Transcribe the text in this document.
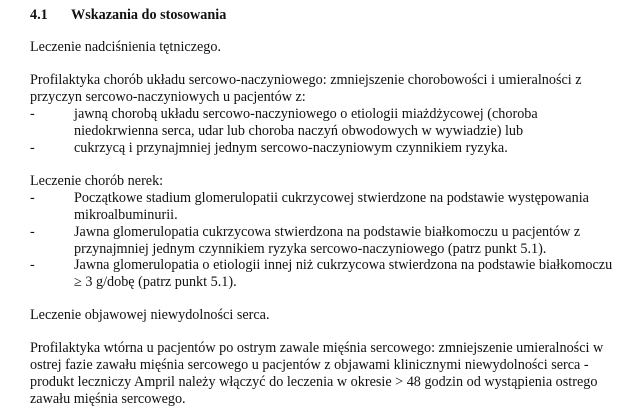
4.1 Wskazania do stosowania
Leczenie nadciśnienia tętniczego.
Profilaktyka chorób układu sercowo-naczyniowego: zmniejszenie chorobowości i umieralności z
przyczyn sercowo-naczyniowych u pacjentów z:
-	jawną chorobą układu sercowo-naczyniowego o etiologii miażdżycowej (choroba
niedokrwienna serca, udar lub choroba naczyń obwodowych w wywiadzie) lub
-	cukrzycą i przynajmniej jednym sercowo-naczyniowym czynnikiem ryzyka.
Leczenie chorób nerek:
-	Początkowe stadium glomerulopatii cukrzycowej stwierdzone na podstawie występowania
mikroalbuminurii.
-	Jawna glomerulopatia cukrzycowa stwierdzona na podstawie białkomoczu u pacjentów z
przynajmniej jednym czynnikiem ryzyka sercowo-naczyniowego (patrz punkt 5.1).
-	Jawna glomerulopatia o etiologii innej niż cukrzycowa stwierdzona na podstawie białkomoczu
≥ 3 g/dobę (patrz punkt 5.1).
Leczenie objawowej niewydolności serca.
Profilaktyka wtórna u pacjentów po ostrym zawale mięśnia sercowego: zmniejszenie umieralności w
ostrej fazie zawału mięśnia sercowego u pacjentów z objawami klinicznymi niewydolności serca -
produkt leczniczy Ampril należy włączyć do leczenia w okresie > 48 godzin od wystąpienia ostrego
zawału mięśnia sercowego.
